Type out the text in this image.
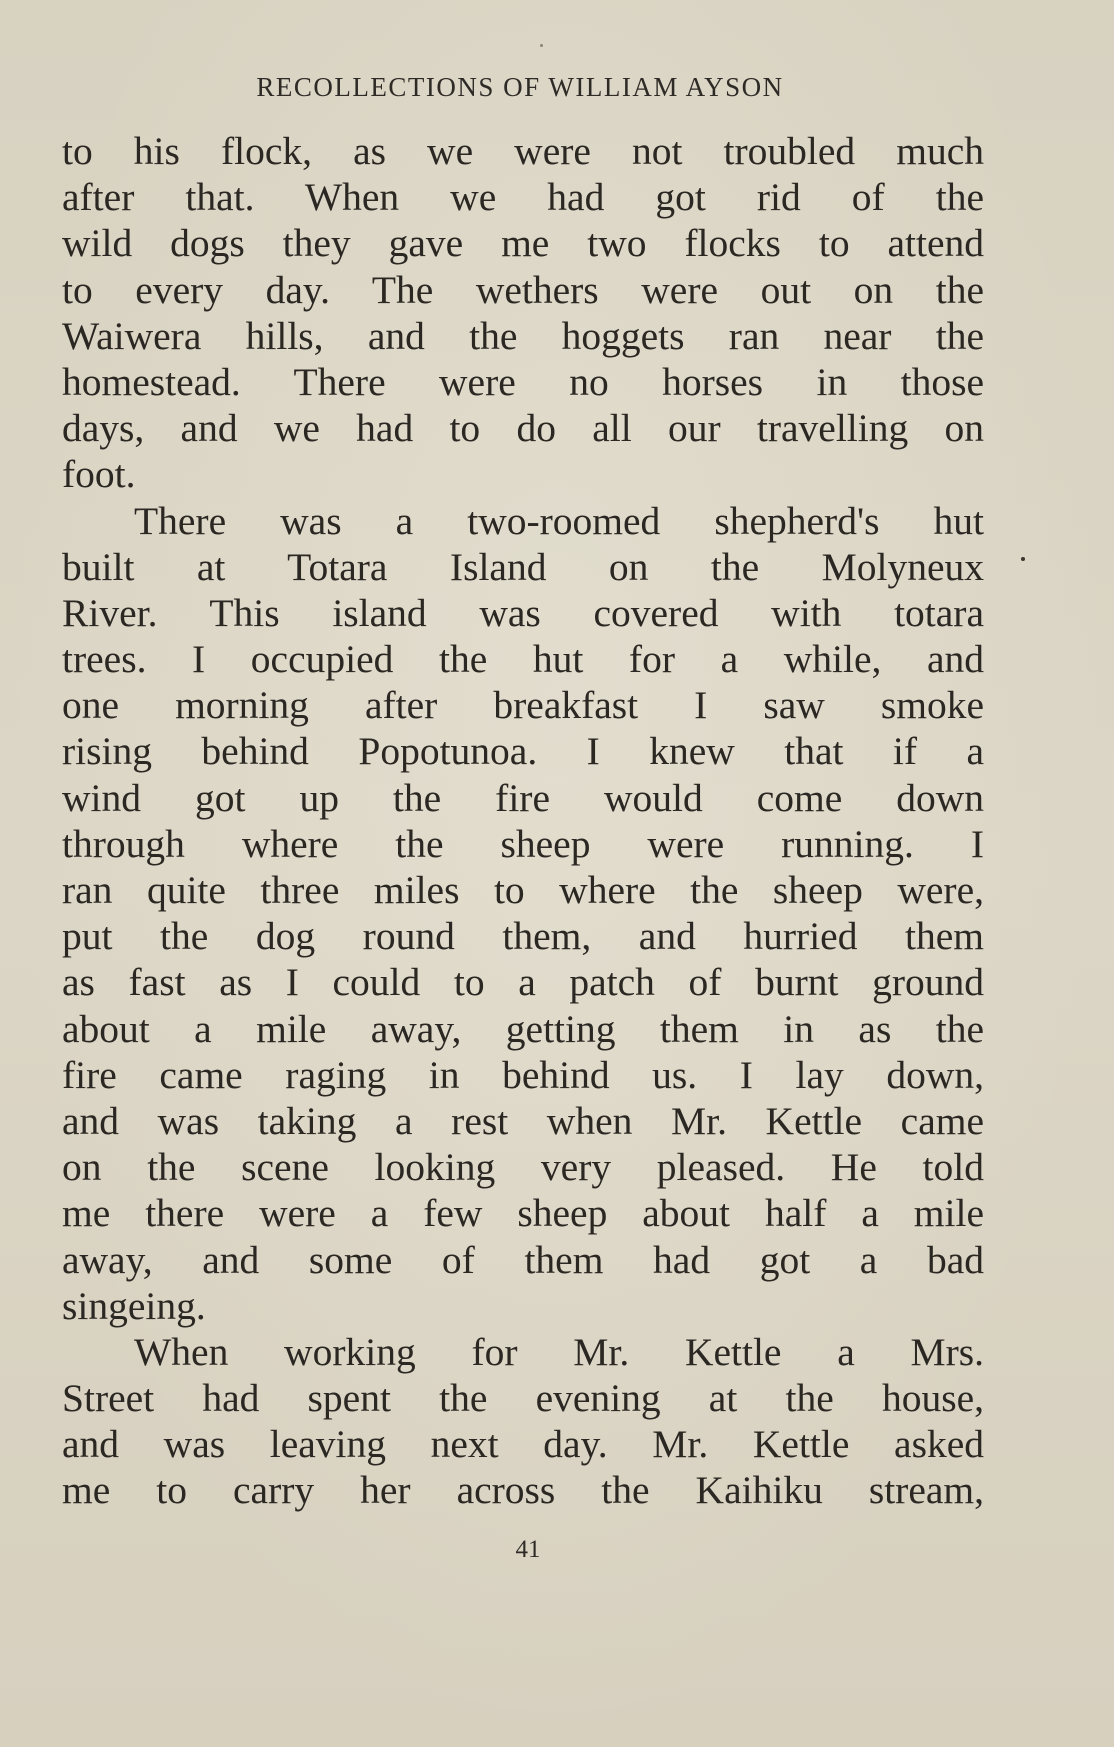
RECOLLECTIONS OF WILLIAM AYSON
to his flock, as we were not troubled much
after that. When we had got rid of the
wild dogs they gave me two flocks to attend
to every day. The wethers were out on the
Waiwera hills, and the hoggets ran near the
homestead. There were no horses in those
days, and we had to do all our travelling on
foot.
There was a two-roomed shepherd's hut
built at Totara Island on the Molyneux
River. This island was covered with totara
trees. I occupied the hut for a while, and
one morning after breakfast I saw smoke
rising behind Popotunoa. I knew that if a
wind got up the fire would come down
through where the sheep were running. I
ran quite three miles to where the sheep were,
put the dog round them, and hurried them
as fast as I could to a patch of burnt ground
about a mile away, getting them in as the
fire came raging in behind us. I lay down,
and was taking a rest when Mr. Kettle came
on the scene looking very pleased. He told
me there were a few sheep about half a mile
away, and some of them had got a bad
singeing.
When working for Mr. Kettle a Mrs.
Street had spent the evening at the house,
and was leaving next day. Mr. Kettle asked
me to carry her across the Kaihiku stream,
41
